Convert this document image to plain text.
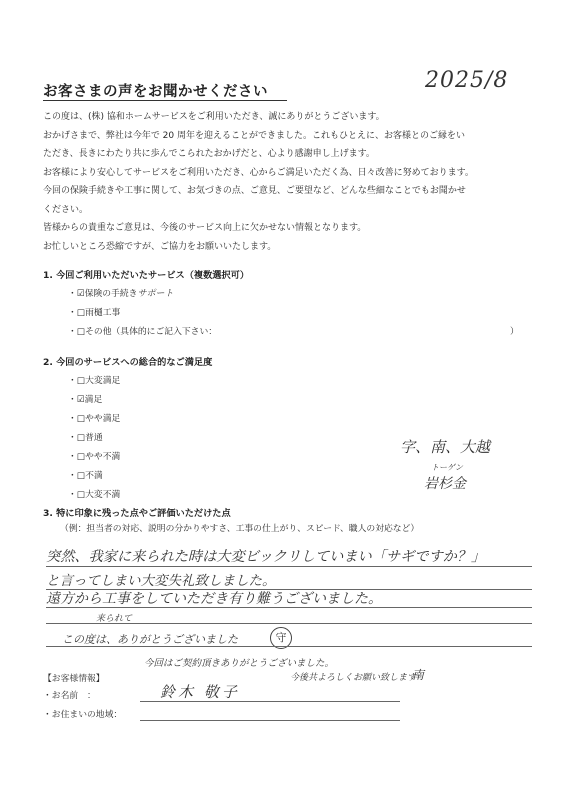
お客さまの声をお聞かせください	2025/8

この度は、(株) 協和ホームサービスをご利用いただき、誠にありがとうございます。

おかげさまで、弊社は今年で 20 周年を迎えることができました。これもひとえに、お客様とのご縁をい

ただき、長きにわたり共に歩んでこられたおかげだと、心より感謝申し上げます。

お客様により安心してサービスをご利用いただき、心からご満足いただく為、日々改善に努めております。

今回の保険手続きや工事に関して、お気づきの点、ご意見、ご要望など、どんな些細なことでもお聞かせ

ください。

皆様からの貴重なご意見は、今後のサービス向上に欠かせない情報となります。

お忙しいところ恐縮ですが、ご協力をお願いいたします。

1. 今回ご利用いただいたサービス（複数選択可）
・☑保険の手続きサポート
・□雨樋工事
・□その他（具体的にご記入下さい：	）
2. 今回のサービスへの総合的なご満足度
・□大変満足
・☑満足
・□やや満足
・□普通
・□やや不満
・□不満
・□大変不満
字、南、大越
トーゲン
岩杉金
3. 特に印象に残った点やご評価いただけた点
（例：担当者の対応、説明の分かりやすさ、工事の仕上がり、スピード、職人の対応など）
突然、我家に来られた時は大変ビックリしていまい「サギですか？」
と言ってしまい大変失礼致しました。
遠方から工事をしていただき有り難うございました。
来られて
この度は、ありがとうございました	守
【お客様情報】
今回はご契約頂きありがとうございました。
今後共よろしくお願い致します
南
・お名前　：	鈴木 敬子
・お住まいの地域：
